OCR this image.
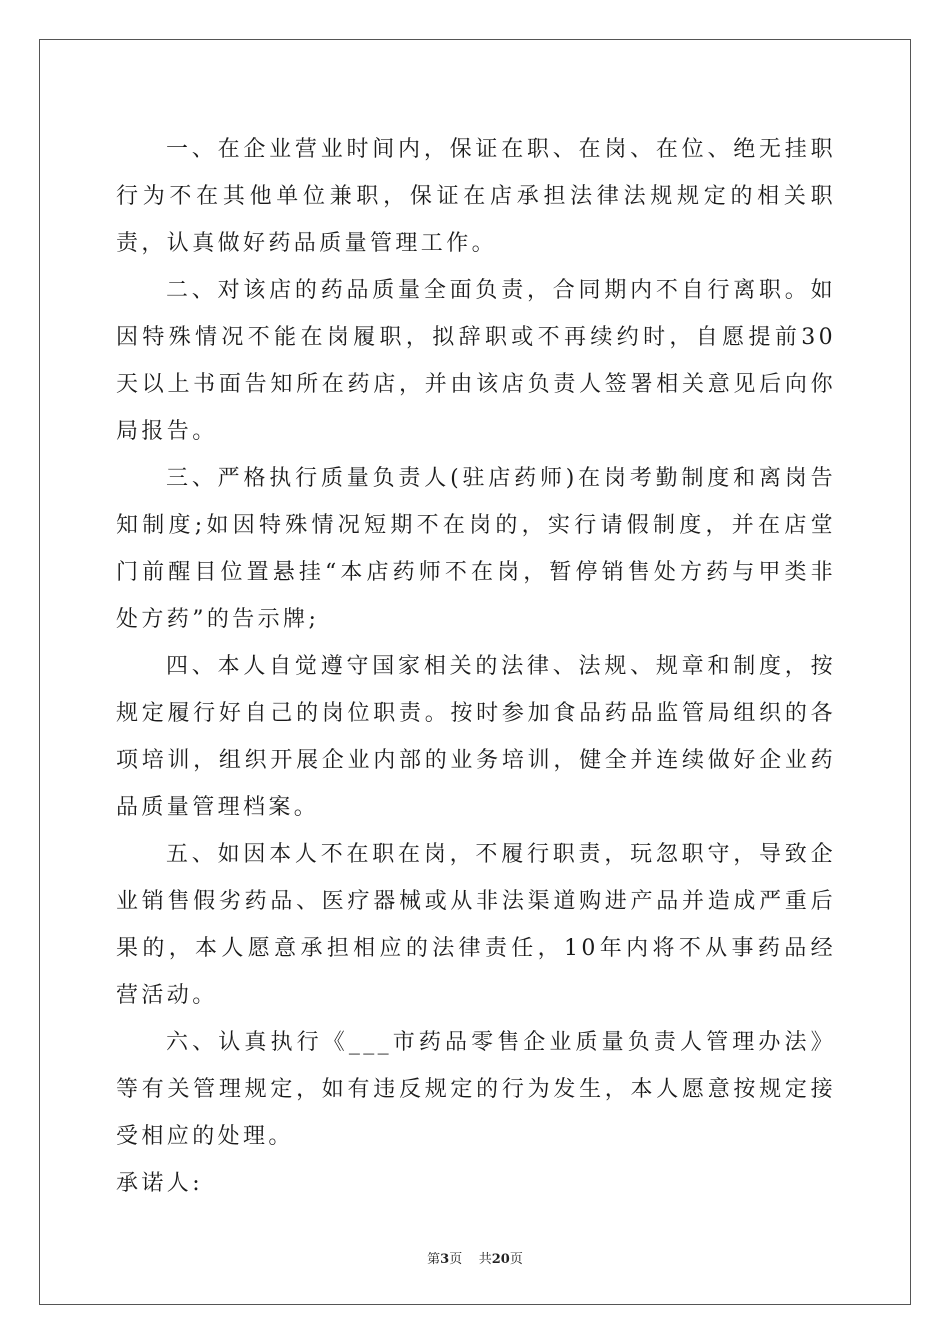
一、在企业营业时间内，保证在职、在岗、在位、绝无挂职行为不在其他单位兼职，保证在店承担法律法规规定的相关职责，认真做好药品质量管理工作。

二、对该店的药品质量全面负责，合同期内不自行离职。如因特殊情况不能在岗履职，拟辞职或不再续约时，自愿提前30天以上书面告知所在药店，并由该店负责人签署相关意见后向你局报告。

三、严格执行质量负责人(驻店药师)在岗考勤制度和离岗告知制度;如因特殊情况短期不在岗的，实行请假制度，并在店堂门前醒目位置悬挂“本店药师不在岗，暂停销售处方药与甲类非处方药”的告示牌;

四、本人自觉遵守国家相关的法律、法规、规章和制度，按规定履行好自己的岗位职责。按时参加食品药品监管局组织的各项培训，组织开展企业内部的业务培训，健全并连续做好企业药品质量管理档案。

五、如因本人不在职在岗，不履行职责，玩忽职守，导致企业销售假劣药品、医疗器械或从非法渠道购进产品并造成严重后果的，本人愿意承担相应的法律责任，10年内将不从事药品经营活动。

六、认真执行《___市药品零售企业质量负责人管理办法》等有关管理规定，如有违反规定的行为发生，本人愿意按规定接受相应的处理。

承诺人:

第3页 共20页
